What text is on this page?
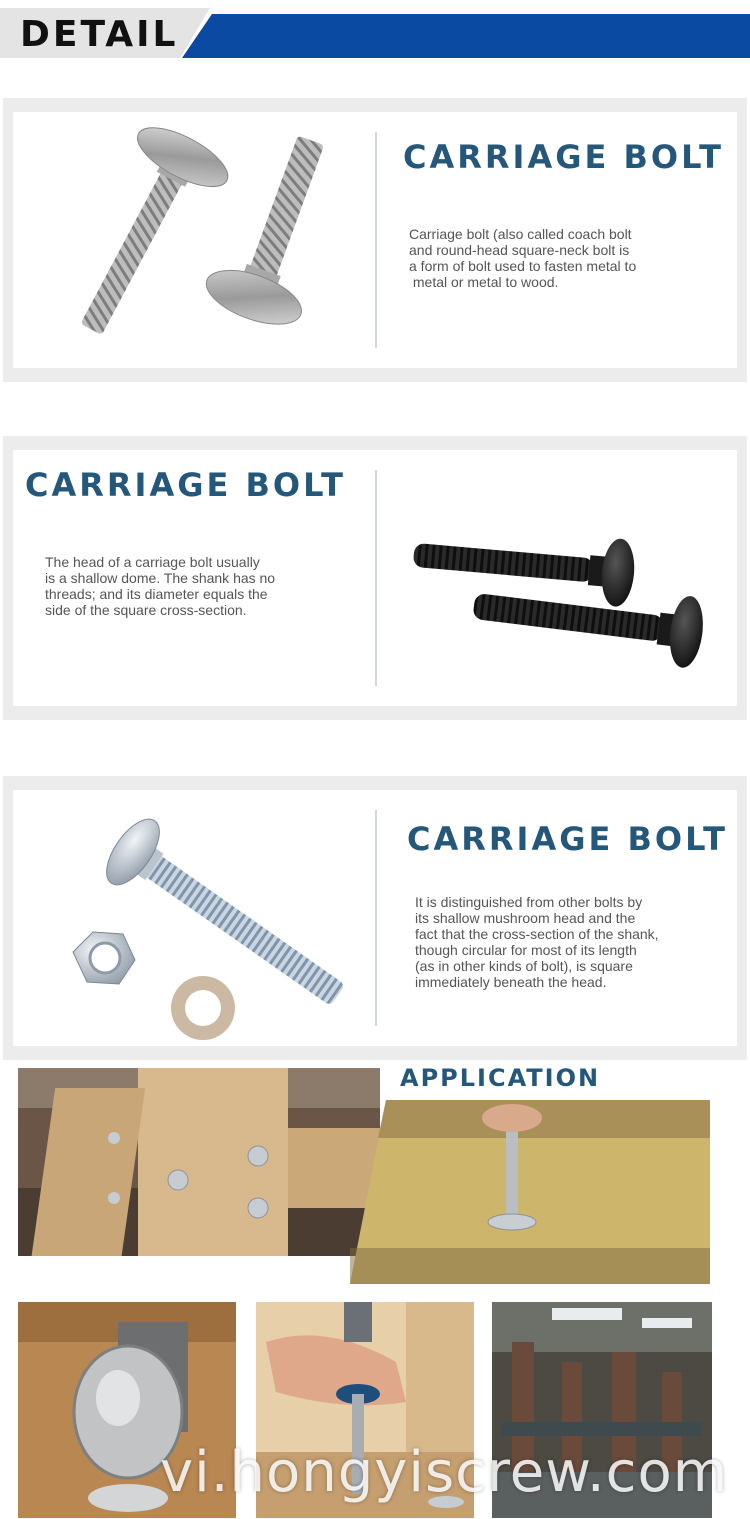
DETAIL
CARRIAGE BOLT
Carriage bolt (also called coach bolt
and round-head square-neck bolt is
a form of bolt used to fasten metal to
metal or metal to wood.
CARRIAGE BOLT
The head of a carriage bolt usually
is a shallow dome. The shank has no
threads; and its diameter equals the
side of the square cross-section.
CARRIAGE BOLT
It is distinguished from other bolts by
its shallow mushroom head and the
fact that the cross-section of the shank,
though circular for most of its length
(as in other kinds of bolt), is square
immediately beneath the head.
APPLICATION
vi.hongyiscrew.com
